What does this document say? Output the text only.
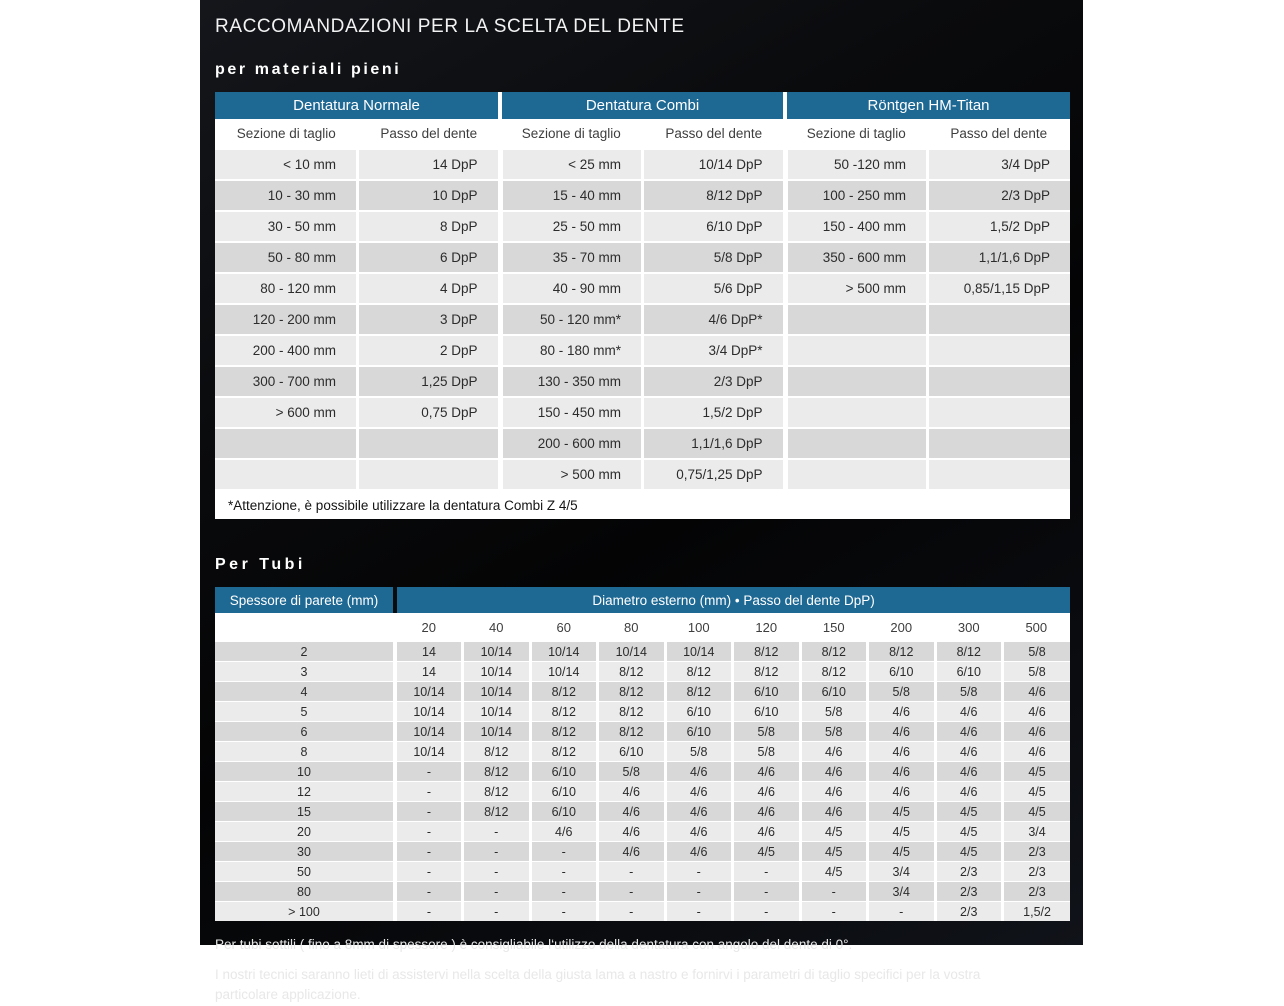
RACCOMANDAZIONI PER LA SCELTA DEL DENTE
per materiali pieni
Dentatura Normale		Dentatura Combi		Röntgen HM-Titan	
Sezione di taglio	Passo del dente	Sezione di taglio	Passo del dente	Sezione di taglio	Passo del dente
< 10 mm	14 DpP	< 25 mm	10/14 DpP	50 -120 mm	3/4 DpP
10 - 30 mm	10 DpP	15 - 40 mm	8/12 DpP	100 - 250 mm	2/3 DpP
30 - 50 mm	8 DpP	25 - 50 mm	6/10 DpP	150 - 400 mm	1,5/2 DpP
50 - 80 mm	6 DpP	35 - 70 mm	5/8 DpP	350 - 600 mm	1,1/1,6 DpP
80 - 120 mm	4 DpP	40 - 90 mm	5/6 DpP	> 500 mm	0,85/1,15 DpP
120 - 200 mm	3 DpP	50 - 120 mm*	4/6 DpP*		
200 - 400 mm	2 DpP	80 - 180 mm*	3/4 DpP*		
300 - 700 mm	1,25 DpP	130 - 350 mm	2/3 DpP		
> 600 mm	0,75 DpP	150 - 450 mm	1,5/2 DpP		
		200 - 600 mm	1,1/1,6 DpP		
		> 500 mm	0,75/1,25 DpP		
*Attenzione, è possibile utilizzare la dentatura Combi Z 4/5					
Per Tubi
Spessore di parete (mm)	Diametro esterno (mm) • Passo del dente DpP)									
	20	40	60	80	100	120	150	200	300	500
2	14	10/14	10/14	10/14	10/14	8/12	8/12	8/12	8/12	5/8
3	14	10/14	10/14	8/12	8/12	8/12	8/12	6/10	6/10	5/8
4	10/14	10/14	8/12	8/12	8/12	6/10	6/10	5/8	5/8	4/6
5	10/14	10/14	8/12	8/12	6/10	6/10	5/8	4/6	4/6	4/6
6	10/14	10/14	8/12	8/12	6/10	5/8	5/8	4/6	4/6	4/6
8	10/14	8/12	8/12	6/10	5/8	5/8	4/6	4/6	4/6	4/6
10	-	8/12	6/10	5/8	4/6	4/6	4/6	4/6	4/6	4/5
12	-	8/12	6/10	4/6	4/6	4/6	4/6	4/6	4/6	4/5
15	-	8/12	6/10	4/6	4/6	4/6	4/6	4/5	4/5	4/5
20	-	-	4/6	4/6	4/6	4/6	4/5	4/5	4/5	3/4
30	-	-	-	4/6	4/6	4/5	4/5	4/5	4/5	2/3
50	-	-	-	-	-	-	4/5	3/4	2/3	2/3
80	-	-	-	-	-	-	-	3/4	2/3	2/3
> 100	-	-	-	-	-	-	-	-	2/3	1,5/2

Per tubi sottili ( fino a 8mm di spessore ) è consigliabile l‘utilizzo della dentatura con angolo del dente di 0°.

I nostri tecnici saranno lieti di assistervi nella scelta della giusta lama a nastro e fornirvi i parametri di taglio specifici per la vostra particolare applicazione.
